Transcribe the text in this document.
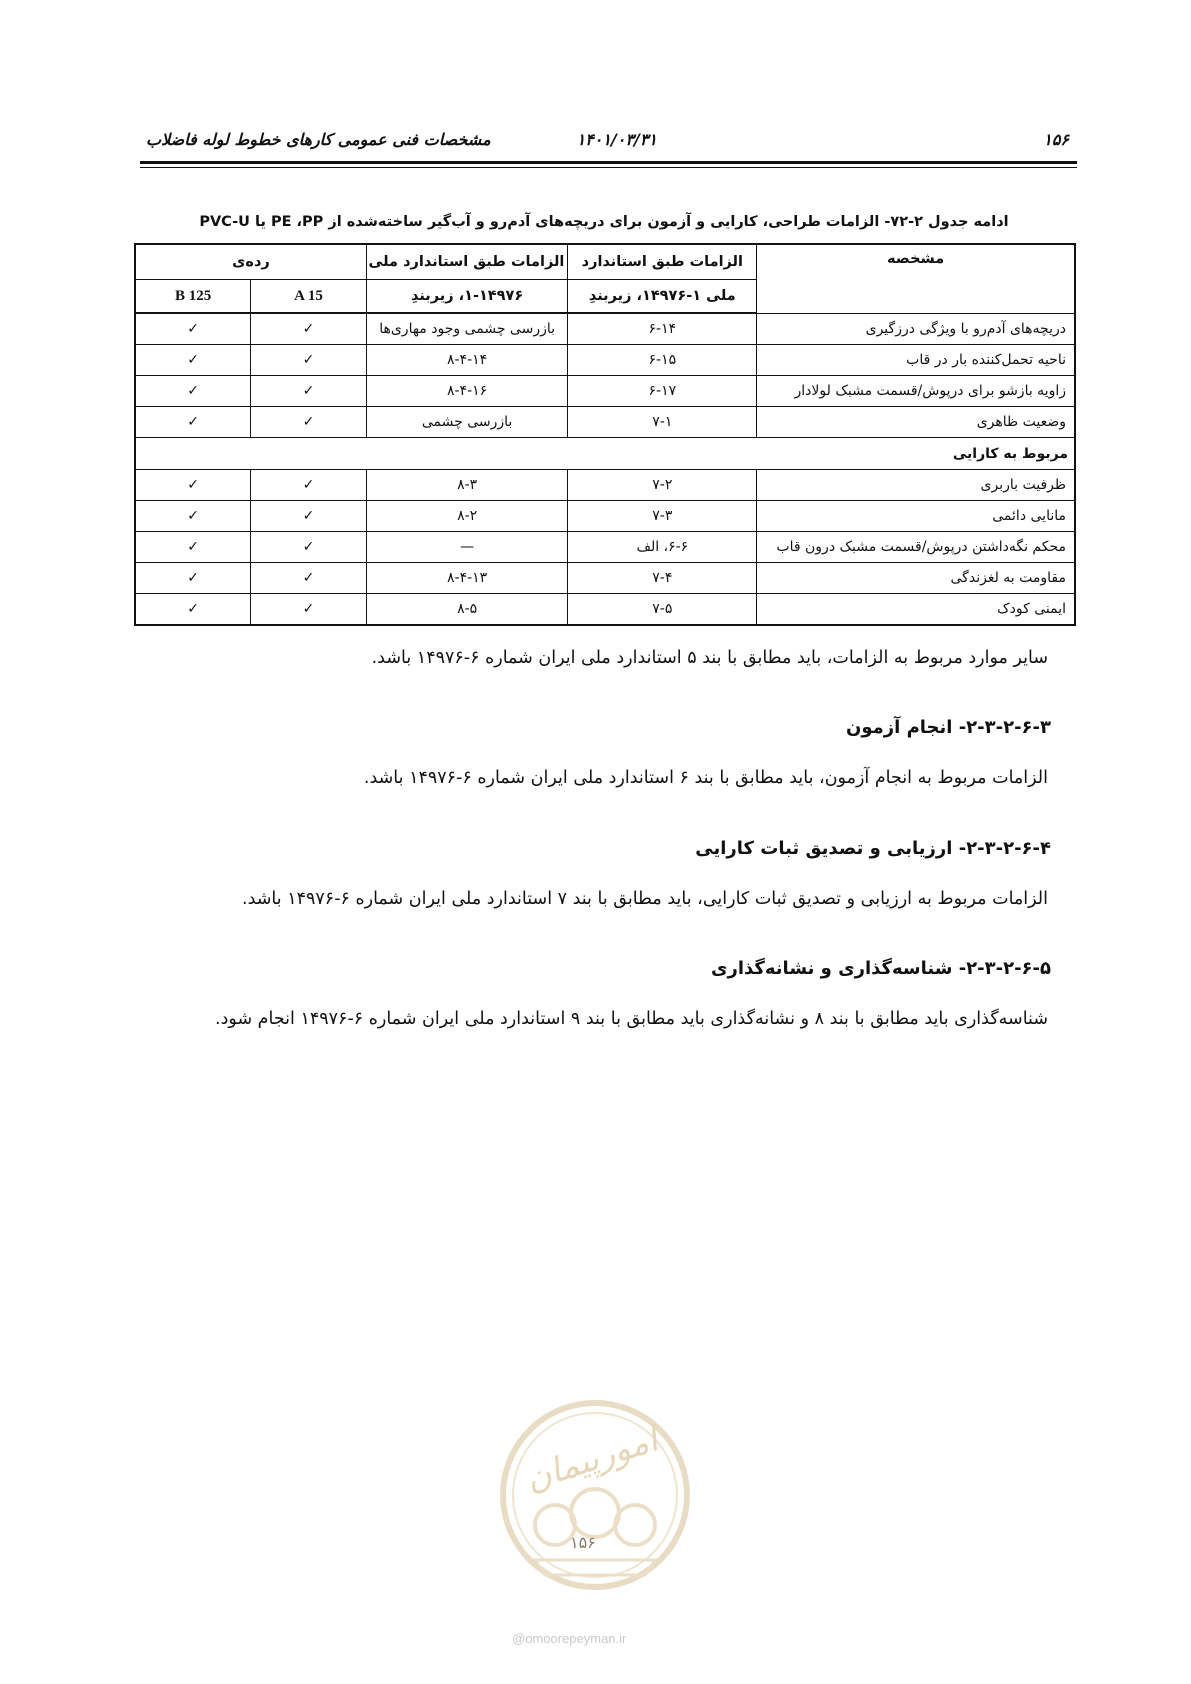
۱۵۶
۱۴۰۱/۰۳/۳۱
مشخصات فنی عمومی کارهای خطوط لوله فاضلاب
ادامه جدول ۲-۷۲- الزامات طراحی، کارایی و آزمون برای دریچه‌های آدم‌رو و آب‌گیر ساخته‌شده از PE ،PP یا PVC-U
مشخصه	الزامات طبق استاندارد	الزامات طبق استاندارد ملی	رده‌ی	
	ملی ۱-۱۴۹۷۶، زیربندِ	۱-۱۴۹۷۶، زیربندِ	A 15	B 125
دریچه‌های آدم‌رو با ویژگی درزگیری	۶-۱۴	بازرسی چشمی وجود مهاری‌ها	✓	✓
ناحیه تحمل‌کننده بار در قاب	۶-۱۵	۸-۴-۱۴	✓	✓
زاویه بازشو برای درپوش/قسمت مشبک لولادار	۶-۱۷	۸-۴-۱۶	✓	✓
وضعیت ظاهری	۷-۱	بازرسی چشمی	✓	✓
مربوط به کارایی				
ظرفیت باربری	۷-۲	۸-۳	✓	✓
مانایی دائمی	۷-۳	۸-۲	✓	✓
محکم نگه‌داشتن درپوش/قسمت مشبک درون قاب	۶-۶، الف	—	✓	✓
مقاومت به لغزندگی	۷-۴	۸-۴-۱۳	✓	✓
ایمنی کودک	۷-۵	۸-۵	✓	✓
سایر موارد مربوط به الزامات، باید مطابق با بند ۵ استاندارد ملی ایران شماره ۶-۱۴۹۷۶ باشد.
۲-۳-۲-۶-۳- انجام آزمون
الزامات مربوط به انجام آزمون، باید مطابق با بند ۶ استاندارد ملی ایران شماره ۶-۱۴۹۷۶ باشد.
۲-۳-۲-۶-۴- ارزیابی و تصدیق ثبات کارایی
الزامات مربوط به ارزیابی و تصدیق ثبات کارایی، باید مطابق با بند ۷ استاندارد ملی ایران شماره ۶-۱۴۹۷۶ باشد.
۲-۳-۲-۶-۵- شناسه‌گذاری و نشانه‌گذاری
شناسه‌گذاری باید مطابق با بند ۸ و نشانه‌گذاری باید مطابق با بند ۹ استاندارد ملی ایران شماره ۶-۱۴۹۷۶ انجام شود.
امورپیمان
۱۵۶
@omoorepeyman.ir
